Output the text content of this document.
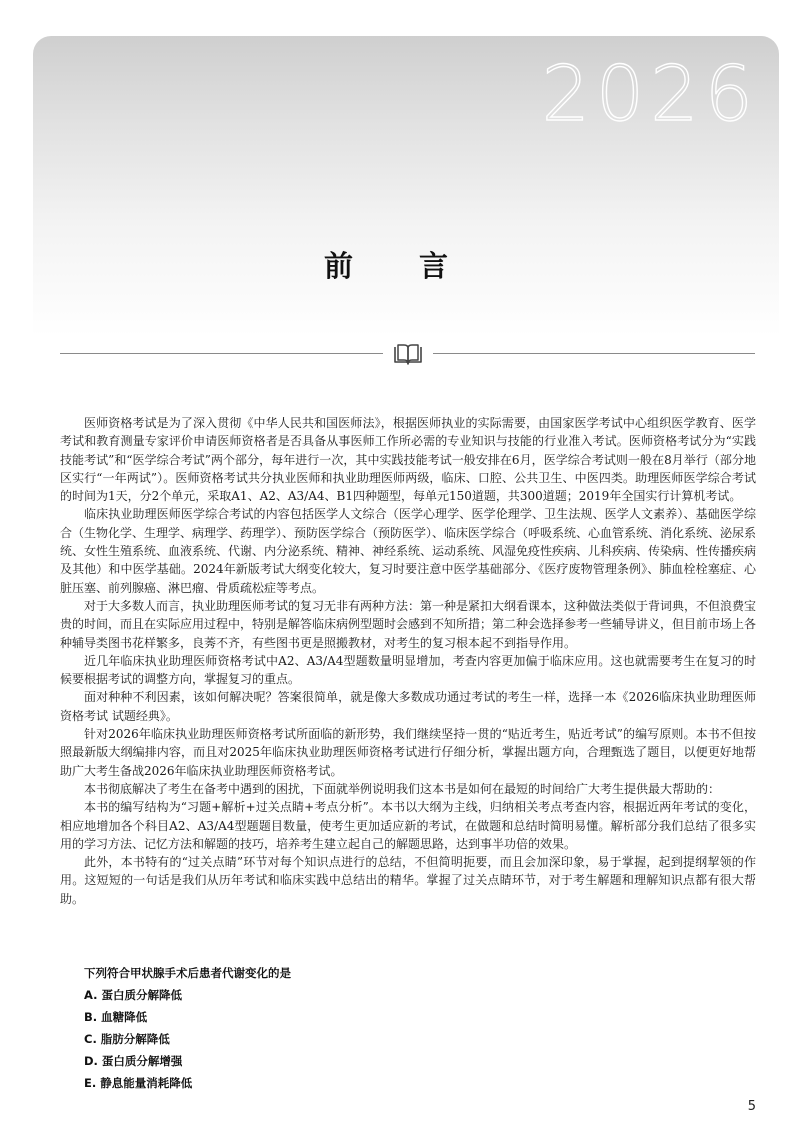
2026
前 言

医师资格考试是为了深入贯彻《中华人民共和国医师法》，根据医师执业的实际需要，由国家医学考试中心组织医学教育、医学考试和教育测量专家评价申请医师资格者是否具备从事医师工作所必需的专业知识与技能的行业准入考试。医师资格考试分为“实践技能考试”和“医学综合考试”两个部分，每年进行一次，其中实践技能考试一般安排在6月，医学综合考试则一般在8月举行（部分地区实行“一年两试”）。医师资格考试共分执业医师和执业助理医师两级，临床、口腔、公共卫生、中医四类。助理医师医学综合考试的时间为1天，分2个单元，采取A1、A2、A3/A4、B1四种题型，每单元150道题，共300道题；2019年全国实行计算机考试。

临床执业助理医师医学综合考试的内容包括医学人文综合（医学心理学、医学伦理学、卫生法规、医学人文素养）、基础医学综合（生物化学、生理学、病理学、药理学）、预防医学综合（预防医学）、临床医学综合（呼吸系统、心血管系统、消化系统、泌尿系统、女性生殖系统、血液系统、代谢、内分泌系统、精神、神经系统、运动系统、风湿免疫性疾病、儿科疾病、传染病、性传播疾病及其他）和中医学基础。2024年新版考试大纲变化较大，复习时要注意中医学基础部分、《医疗废物管理条例》、肺血栓栓塞症、心脏压塞、前列腺癌、淋巴瘤、骨质疏松症等考点。

对于大多数人而言，执业助理医师考试的复习无非有两种方法：第一种是紧扣大纲看课本，这种做法类似于背词典，不但浪费宝贵的时间，而且在实际应用过程中，特别是解答临床病例型题时会感到不知所措；第二种会选择参考一些辅导讲义，但目前市场上各种辅导类图书花样繁多，良莠不齐，有些图书更是照搬教材，对考生的复习根本起不到指导作用。

近几年临床执业助理医师资格考试中A2、A3/A4型题数量明显增加，考查内容更加偏于临床应用。这也就需要考生在复习的时候要根据考试的调整方向，掌握复习的重点。

面对种种不利因素，该如何解决呢？答案很简单，就是像大多数成功通过考试的考生一样，选择一本《2026临床执业助理医师资格考试 试题经典》。

针对2026年临床执业助理医师资格考试所面临的新形势，我们继续坚持一贯的“贴近考生，贴近考试”的编写原则。本书不但按照最新版大纲编排内容，而且对2025年临床执业助理医师资格考试进行仔细分析，掌握出题方向，合理甄选了题目，以便更好地帮助广大考生备战2026年临床执业助理医师资格考试。

本书彻底解决了考生在备考中遇到的困扰，下面就举例说明我们这本书是如何在最短的时间给广大考生提供最大帮助的：

本书的编写结构为“习题+解析+过关点睛+考点分析”。本书以大纲为主线，归纳相关考点考查内容，根据近两年考试的变化，相应地增加各个科目A2、A3/A4型题题目数量，使考生更加适应新的考试，在做题和总结时简明易懂。解析部分我们总结了很多实用的学习方法、记忆方法和解题的技巧，培养考生建立起自己的解题思路，达到事半功倍的效果。

此外，本书特有的“过关点睛”环节对每个知识点进行的总结，不但简明扼要，而且会加深印象，易于掌握，起到提纲挈领的作用。这短短的一句话是我们从历年考试和临床实践中总结出的精华。掌握了过关点睛环节，对于考生解题和理解知识点都有很大帮助。

下列符合甲状腺手术后患者代谢变化的是
A. 蛋白质分解降低
B. 血糖降低
C. 脂肪分解降低
D. 蛋白质分解增强
E. 静息能量消耗降低
5
